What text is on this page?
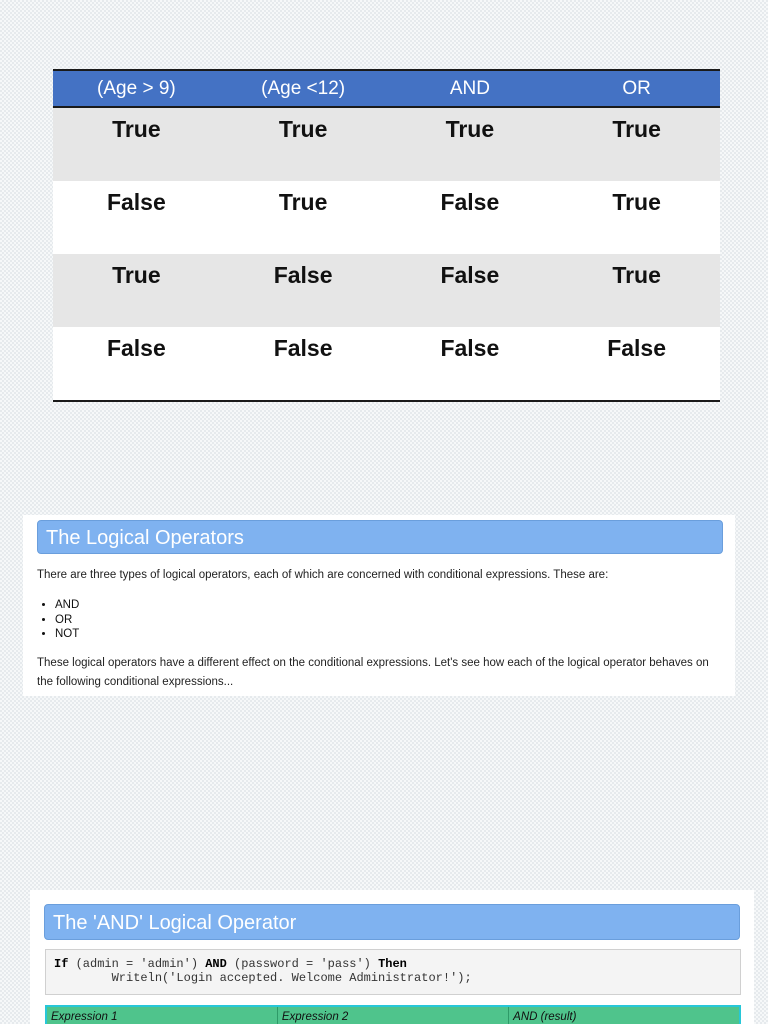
(Age > 9)	(Age <12)	AND	OR
True	True	True	True
False	True	False	True
True	False	False	True
False	False	False	False
The Logical Operators

There are three types of logical operators, each of which are concerned with conditional expressions. These are:

• AND
• OR
• NOT

These logical operators have a different effect on the conditional expressions. Let's see how each of the logical operator behaves on the following conditional expressions...

The 'AND' Logical Operator
If (admin = 'admin') AND (password = 'pass') Then
Writeln('Login accepted. Welcome Administrator!');
Expression 1	Expression 2	AND (result)
